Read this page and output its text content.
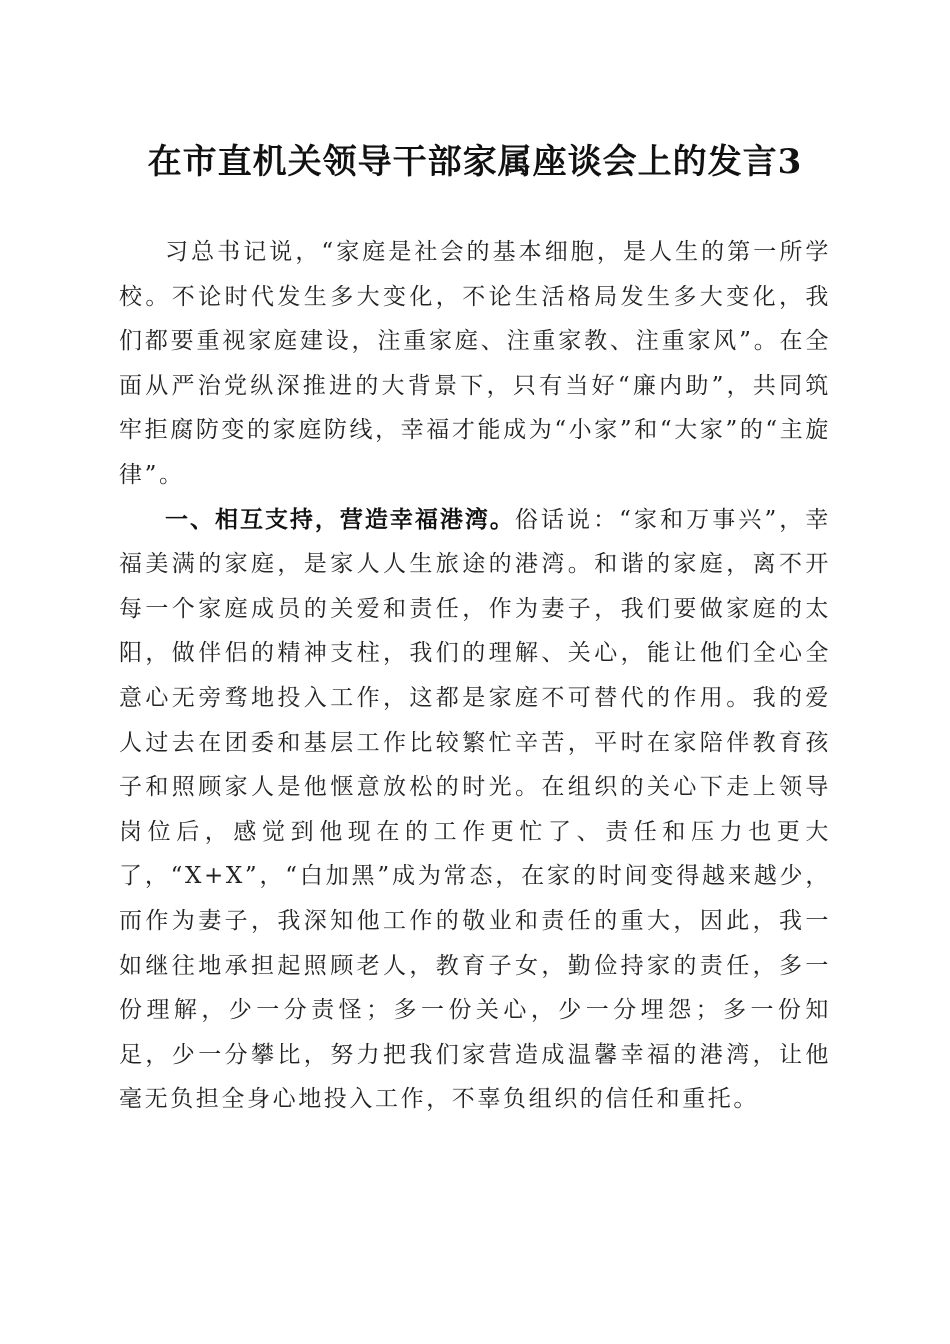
在市直机关领导干部家属座谈会上的发言3

习总书记说，“家庭是社会的基本细胞，是人生的第一所学校。不论时代发生多大变化，不论生活格局发生多大变化，我们都要重视家庭建设，注重家庭、注重家教、注重家风”。在全面从严治党纵深推进的大背景下，只有当好“廉内助”，共同筑牢拒腐防变的家庭防线，幸福才能成为“小家”和“大家”的“主旋律”。

一、相互支持，营造幸福港湾。俗话说：“家和万事兴”，幸福美满的家庭，是家人人生旅途的港湾。和谐的家庭，离不开每一个家庭成员的关爱和责任，作为妻子，我们要做家庭的太阳，做伴侣的精神支柱，我们的理解、关心，能让他们全心全意心无旁骛地投入工作，这都是家庭不可替代的作用。我的爱人过去在团委和基层工作比较繁忙辛苦，平时在家陪伴教育孩子和照顾家人是他惬意放松的时光。在组织的关心下走上领导岗位后，感觉到他现在的工作更忙了、责任和压力也更大了，“X+X”，“白加黑”成为常态，在家的时间变得越来越少，而作为妻子，我深知他工作的敬业和责任的重大，因此，我一如继往地承担起照顾老人，教育子女，勤俭持家的责任，多一份理解，少一分责怪；多一份关心，少一分埋怨；多一份知足，少一分攀比，努力把我们家营造成温馨幸福的港湾，让他毫无负担全身心地投入工作，不辜负组织的信任和重托。
